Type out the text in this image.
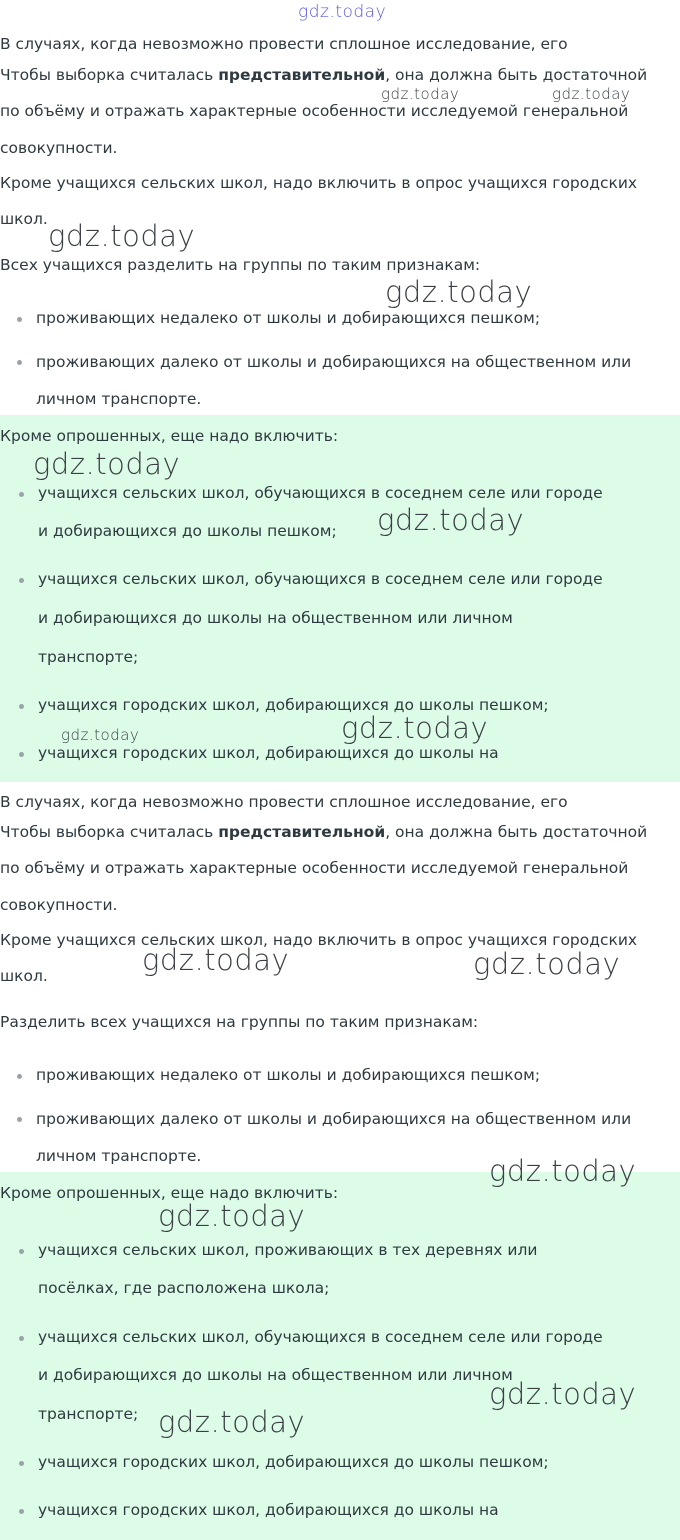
gdz.today
В случаях, когда невозможно провести сплошное исследование, его
Чтобы выборка считалась представительной, она должна быть достаточной
gdz.today	gdz.today
по объёму и отражать характерные особенности исследуемой генеральной
совокупности.
Кроме учащихся сельских школ, надо включить в опрос учащихся городских
школ. gdz.today
Всех учащихся разделить на группы по таким признакам:
gdz.today
проживающих недалеко от школы и добирающихся пешком;
проживающих далеко от школы и добирающихся на общественном или
личном транспорте.
Кроме опрошенных, еще надо включить:
gdz.today
учащихся сельских школ, обучающихся в соседнем селе или городе
и добирающихся до школы пешком; gdz.today
учащихся сельских школ, обучающихся в соседнем селе или городе
и добирающихся до школы на общественном или личном
транспорте;
учащихся городских школ, добирающихся до школы пешком;
gdz.today	gdz.today
учащихся городских школ, добирающихся до школы на
В случаях, когда невозможно провести сплошное исследование, его
Чтобы выборка считалась представительной, она должна быть достаточной
по объёму и отражать характерные особенности исследуемой генеральной
совокупности.
Кроме учащихся сельских школ, надо включить в опрос учащихся городских
школ.	gdz.today	gdz.today
Разделить всех учащихся на группы по таким признакам:
проживающих недалеко от школы и добирающихся пешком;
проживающих далеко от школы и добирающихся на общественном или
личном транспорте.	gdz.today
Кроме опрошенных, еще надо включить:
gdz.today
учащихся сельских школ, проживающих в тех деревнях или
посёлках, где расположена школа;
учащихся сельских школ, обучающихся в соседнем селе или городе
и добирающихся до школы на общественном или личном
gdz.today
транспорте; gdz.today
учащихся городских школ, добирающихся до школы пешком;
учащихся городских школ, добирающихся до школы на
